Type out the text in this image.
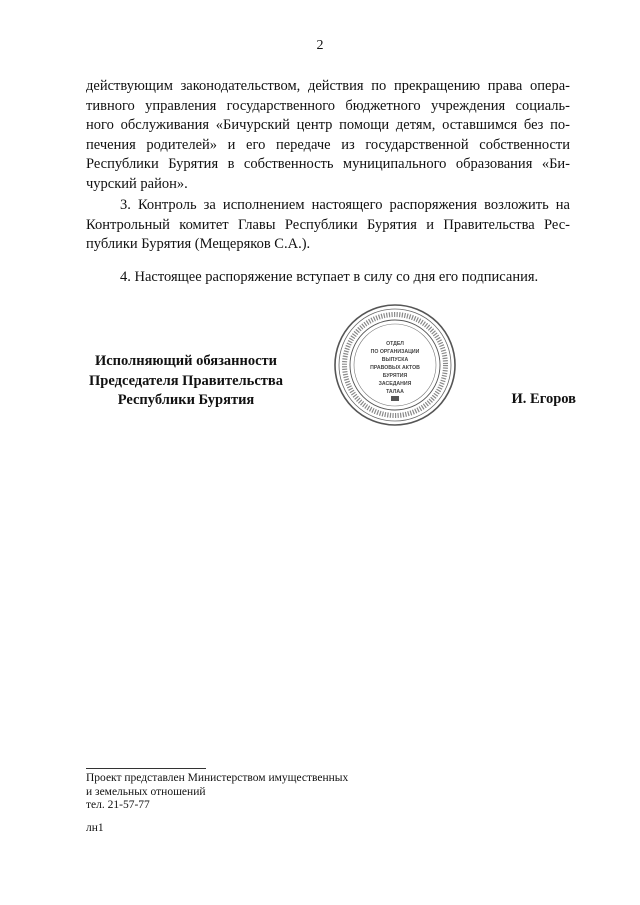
2
действующим законодательством, действия по прекращению права опера-
тивного управления государственного бюджетного учреждения социаль-
ного обслуживания «Бичурский центр помощи детям, оставшимся без по-
печения родителей» и его передаче из государственной собственности
Республики Бурятия в собственность муниципального образования «Би-
чурский район».
3. Контроль за исполнением настоящего распоряжения возложить на
Контрольный комитет Главы Республики Бурятия и Правительства Рес-
публики Бурятия (Мещеряков С.А.).
4. Настоящее распоряжение вступает в силу со дня его подписания.
Исполняющий обязанности
Председателя Правительства
Республики Бурятия
ОТДЕЛ
ПО ОРГАНИЗАЦИИ
ВЫПУСКА
ПРАВОВЫХ АКТОВ
БУРЯТИЯ
ЗАСЕДАНИЯ
ТАЛАА	И. Егоров
Проект представлен Министерством имущественных
и земельных отношений
тел. 21-57-77
лн1
